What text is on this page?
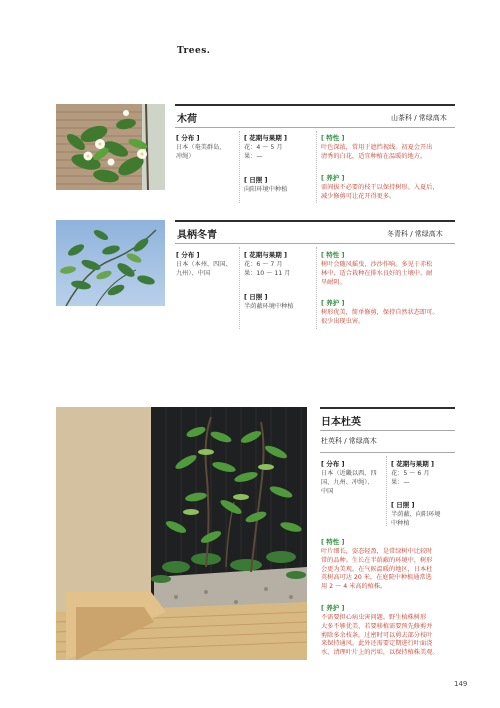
Trees.
木荷	山茶科 / 常绿高木
[ 分布 ]
日本（奄美群岛、
冲绳）
[ 花期与果期 ]
花：4 ～ 5 月
果：—
[ 日照 ]
向阳环境中种植
[ 特性 ]
叶色深浓，常用于遮挡视线。初夏会开出
清秀的白花，适宜种植在温暖的地方。
[ 养护 ]
需间拔不必要的枝干以保持树形。入夏后，
减少修剪可让花开得更多。
具柄冬青	冬青科 / 常绿高木
[ 分布 ]
日本（本州、四国、
九州）、中国
[ 花期与果期 ]
花：6 ～ 7 月
果：10 ～ 11 月
[ 日照 ]
半荫蔽环境中种植
[ 特性 ]
树叶会随风摇曳，沙沙作响。多见于赤松
林中，适合栽种在排水良好的土壤中。耐
旱耐阴。
[ 养护 ]
树形优美，简单修剪，保持自然状态即可。
很少出现虫害。
日本杜英
杜英科 / 常绿高木
[ 分布 ]
日本（近畿以西、四
国、九州、冲绳）、
中国
[ 花期与果期 ]
花：5 ～ 6 月
果：—
[ 日照 ]
半荫蔽、向阳环境
中种植
[ 特性 ]
叶片细长，姿态轻盈，是常绿树中比较时
常的品种。生长在半荫蔽的环境中，树形
会更为美观。在气候温暖的地区，日本杜
英树高可达 20 米，在庭院中种植通常选
用 2 ～ 4 米高的植株。
[ 养护 ]
不需要担心病虫害问题。野生植株树形
大多不够优美，若要移植需要预先修剪并
剪除多余枝条。过密时可以剪去部分枝叶
来保持通风。此外还需要定期进行叶面浇
水，清理叶片上的污垢，以保持植株美观。
149
